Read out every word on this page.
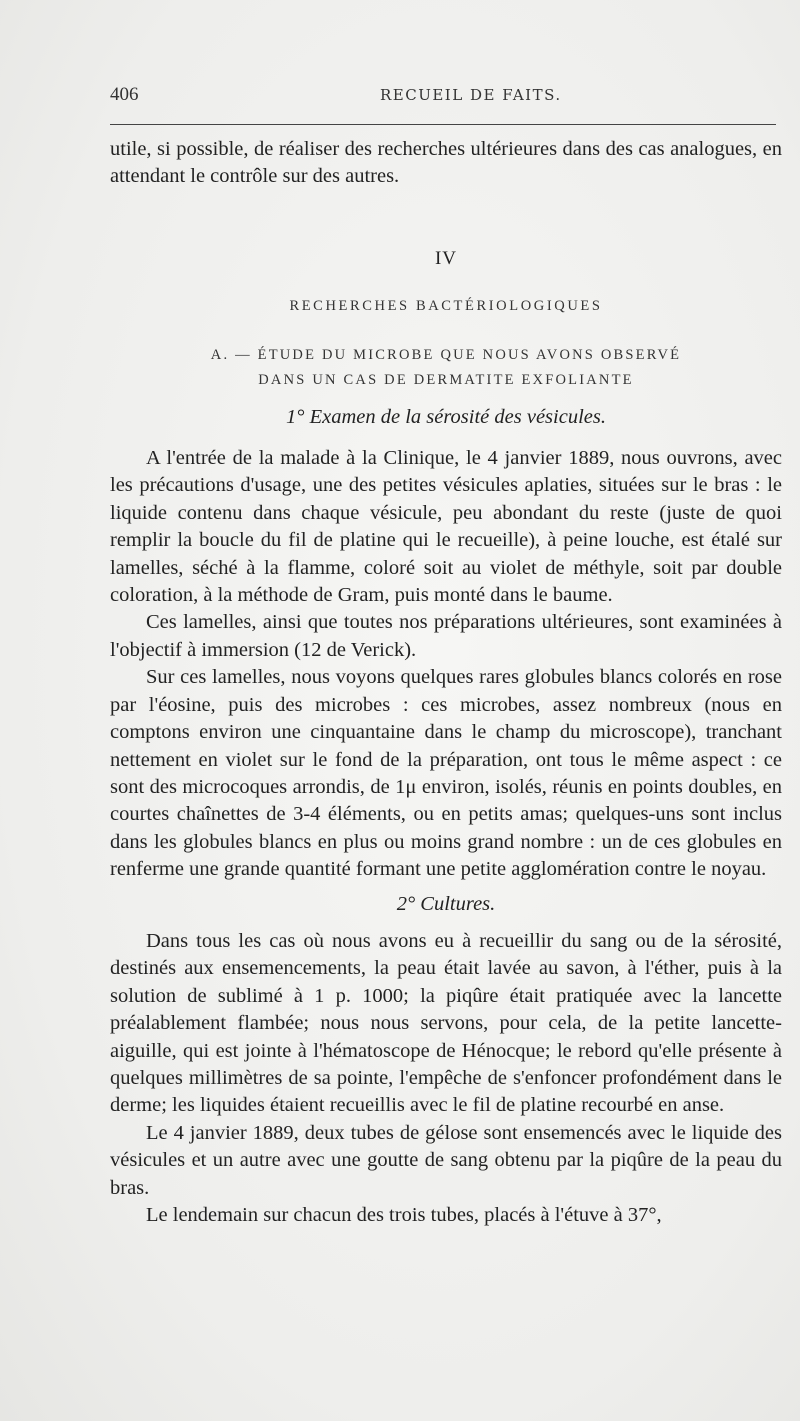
406	RECUEIL DE FAITS.

utile, si possible, de réaliser des recherches ultérieures dans des cas analogues, en attendant le contrôle sur des autres.

IV
RECHERCHES BACTÉRIOLOGIQUES
A. — ÉTUDE DU MICROBE QUE NOUS AVONS OBSERVÉ
DANS UN CAS DE DERMATITE EXFOLIANTE
1° Examen de la sérosité des vésicules.

A l'entrée de la malade à la Clinique, le 4 janvier 1889, nous ouvrons, avec les précautions d'usage, une des petites vésicules aplaties, situées sur le bras : le liquide contenu dans chaque vésicule, peu abondant du reste (juste de quoi remplir la boucle du fil de platine qui le recueille), à peine louche, est étalé sur lamelles, séché à la flamme, coloré soit au violet de méthyle, soit par double coloration, à la méthode de Gram, puis monté dans le baume.

Ces lamelles, ainsi que toutes nos préparations ultérieures, sont examinées à l'objectif à immersion (12 de Verick).

Sur ces lamelles, nous voyons quelques rares globules blancs colorés en rose par l'éosine, puis des microbes : ces microbes, assez nombreux (nous en comptons environ une cinquantaine dans le champ du microscope), tranchant nettement en violet sur le fond de la préparation, ont tous le même aspect : ce sont des microcoques arrondis, de 1μ environ, isolés, réunis en points doubles, en courtes chaînettes de 3-4 éléments, ou en petits amas; quelques-uns sont inclus dans les globules blancs en plus ou moins grand nombre : un de ces globules en renferme une grande quantité formant une petite agglomération contre le noyau.

2° Cultures.

Dans tous les cas où nous avons eu à recueillir du sang ou de la sérosité, destinés aux ensemencements, la peau était lavée au savon, à l'éther, puis à la solution de sublimé à 1 p. 1000; la piqûre était pratiquée avec la lancette préalablement flambée; nous nous servons, pour cela, de la petite lancette-aiguille, qui est jointe à l'hématoscope de Hénocque; le rebord qu'elle présente à quelques millimètres de sa pointe, l'empêche de s'enfoncer profondément dans le derme; les liquides étaient recueillis avec le fil de platine recourbé en anse.

Le 4 janvier 1889, deux tubes de gélose sont ensemencés avec le liquide des vésicules et un autre avec une goutte de sang obtenu par la piqûre de la peau du bras.

Le lendemain sur chacun des trois tubes, placés à l'étuve à 37°,
